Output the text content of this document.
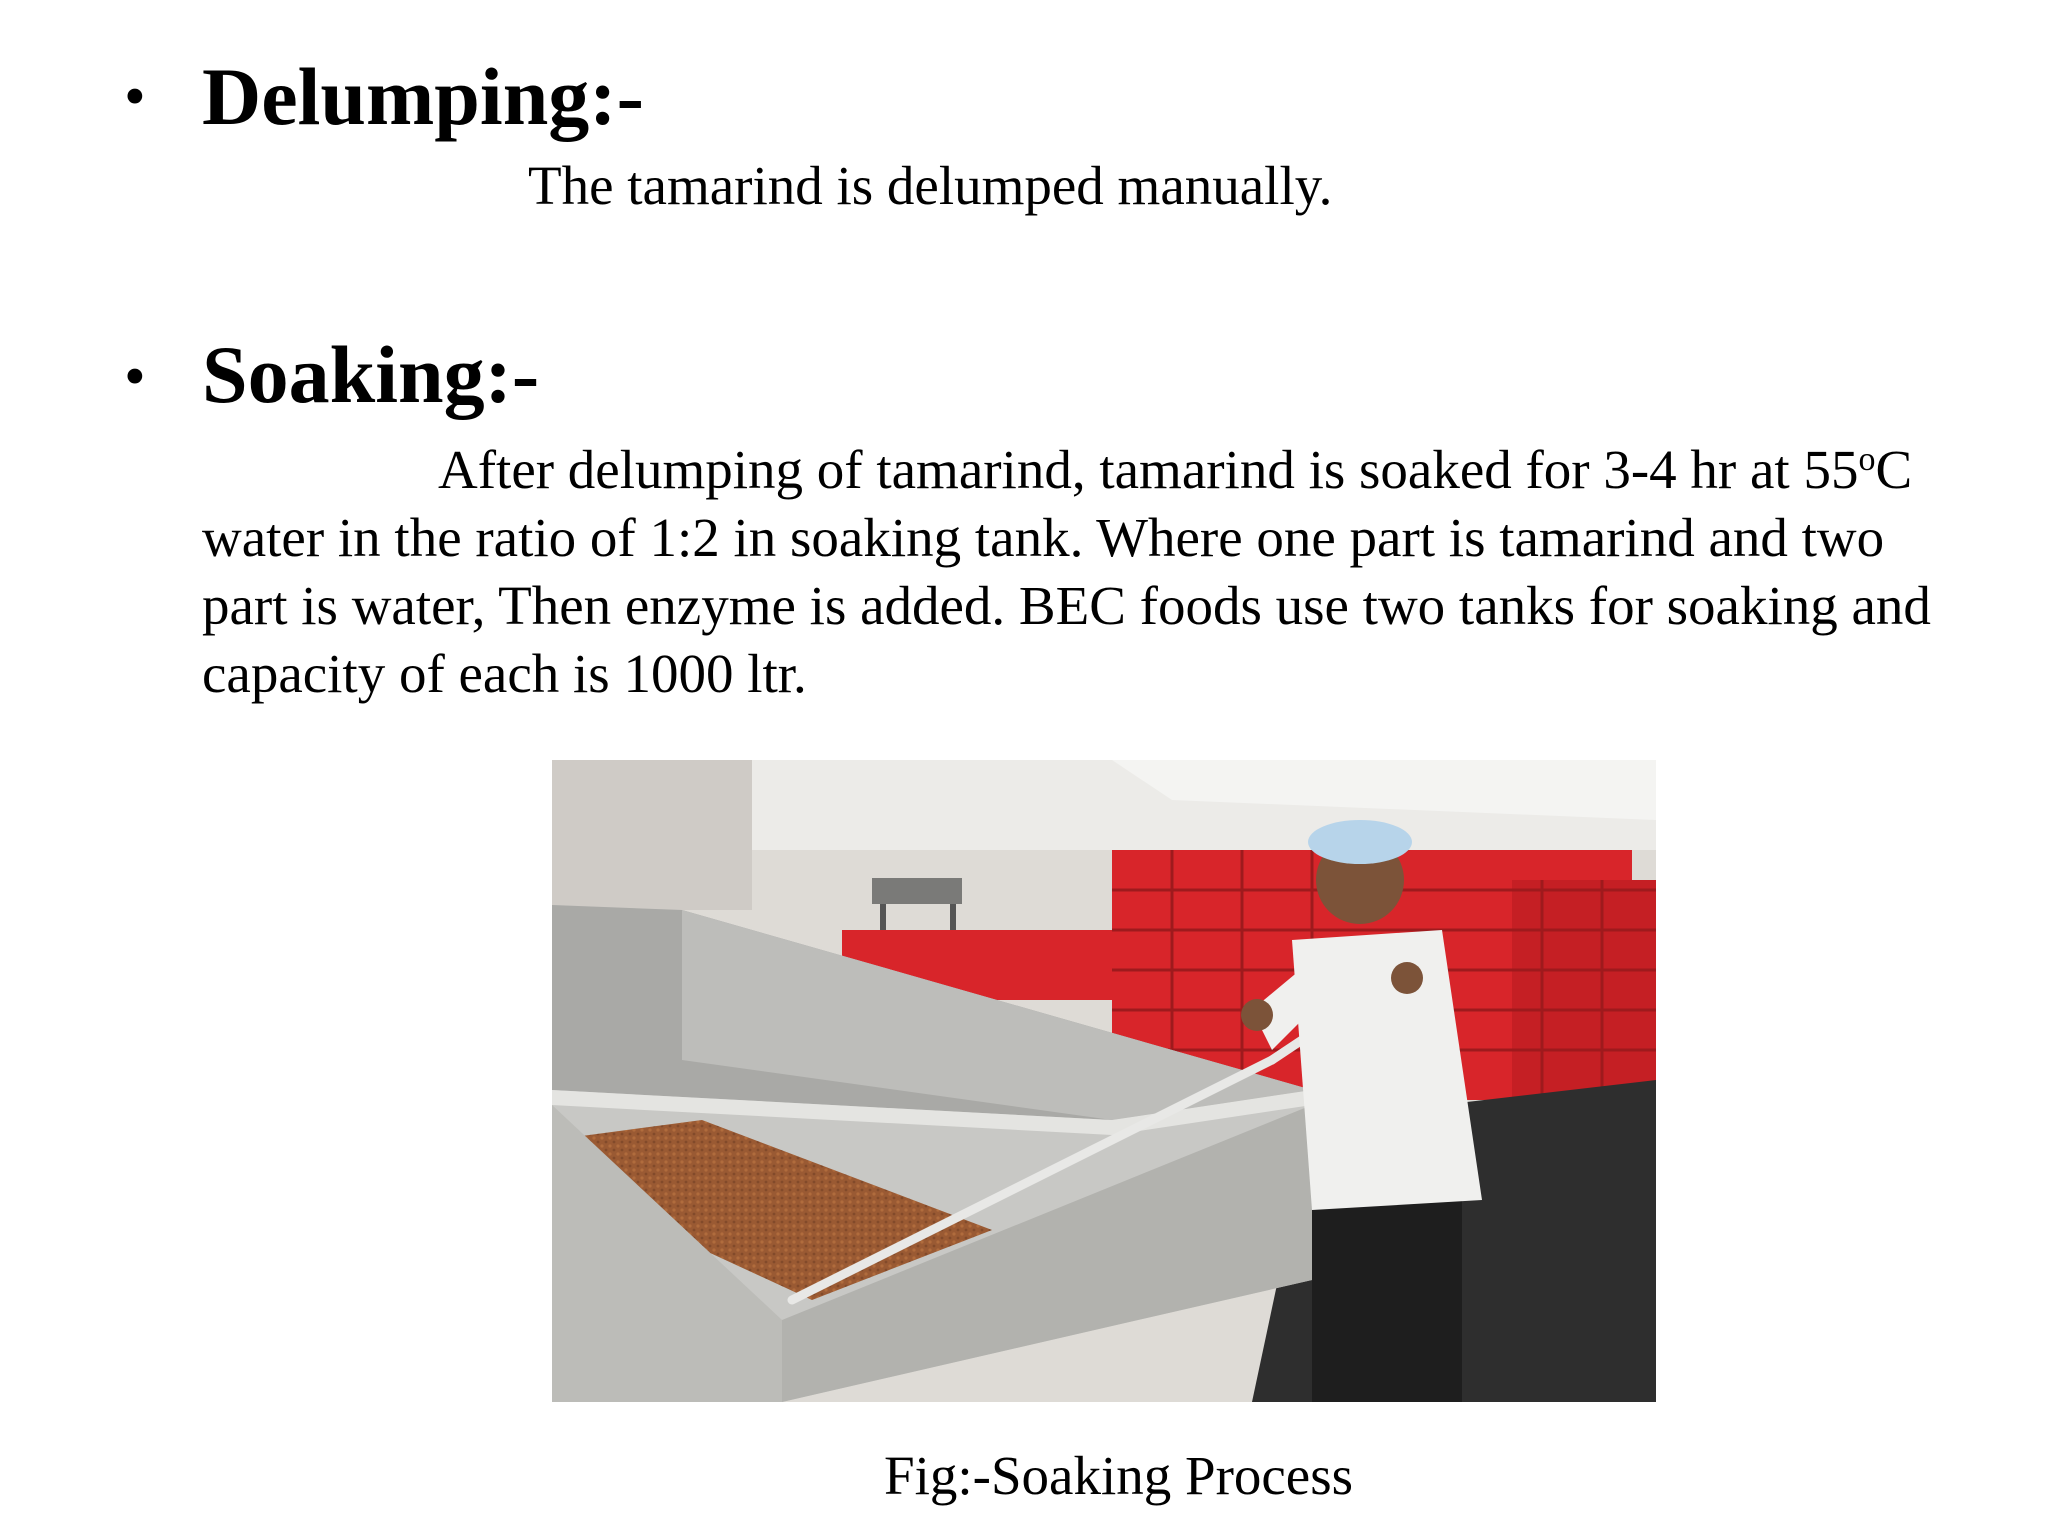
• Delumping:-
The tamarind is delumped manually.
• Soaking:-
After delumping of tamarind, tamarind is soaked for 3-4 hr at 55$^o$C
water in the ratio of 1:2 in soaking tank. Where one part is tamarind and two
part is water, Then enzyme is added. BEC foods use two tanks for soaking and
capacity of each is 1000 ltr.
Fig:-Soaking Process
